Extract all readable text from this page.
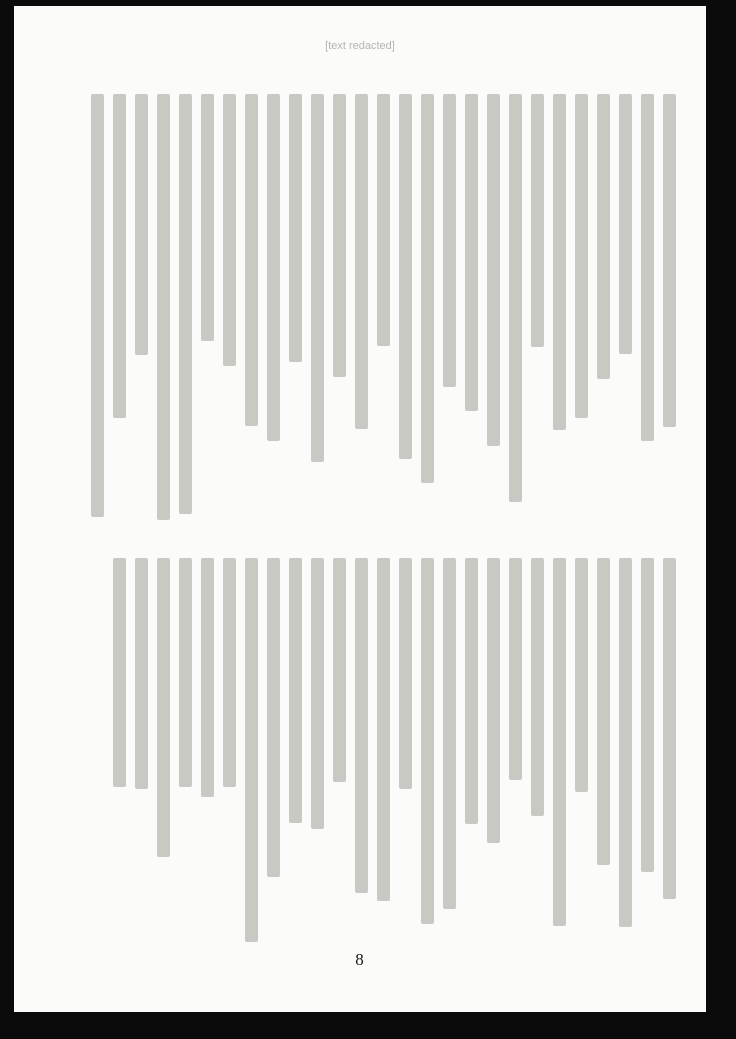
[text redacted]
8
